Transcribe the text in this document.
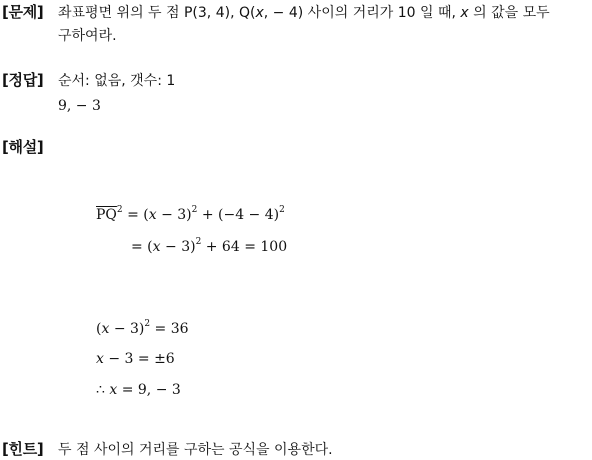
[문제] 좌표평면 위의 두 점 P(3, 4), Q(x, − 4) 사이의 거리가 10 일 때, x 의 값을 모두
구하여라.
[정답] 순서: 없음, 갯수: 1
9, − 3
[해설]
$\overline{PQ}^2 = (x - 3)^2 + (-4 - 4)^2$
= $(x - 3)^2 + 64 = 100$
$(x - 3)^2 = 36$
x − 3 = ±6
∴ x = 9, − 3
[힌트] 두 점 사이의 거리를 구하는 공식을 이용한다.
